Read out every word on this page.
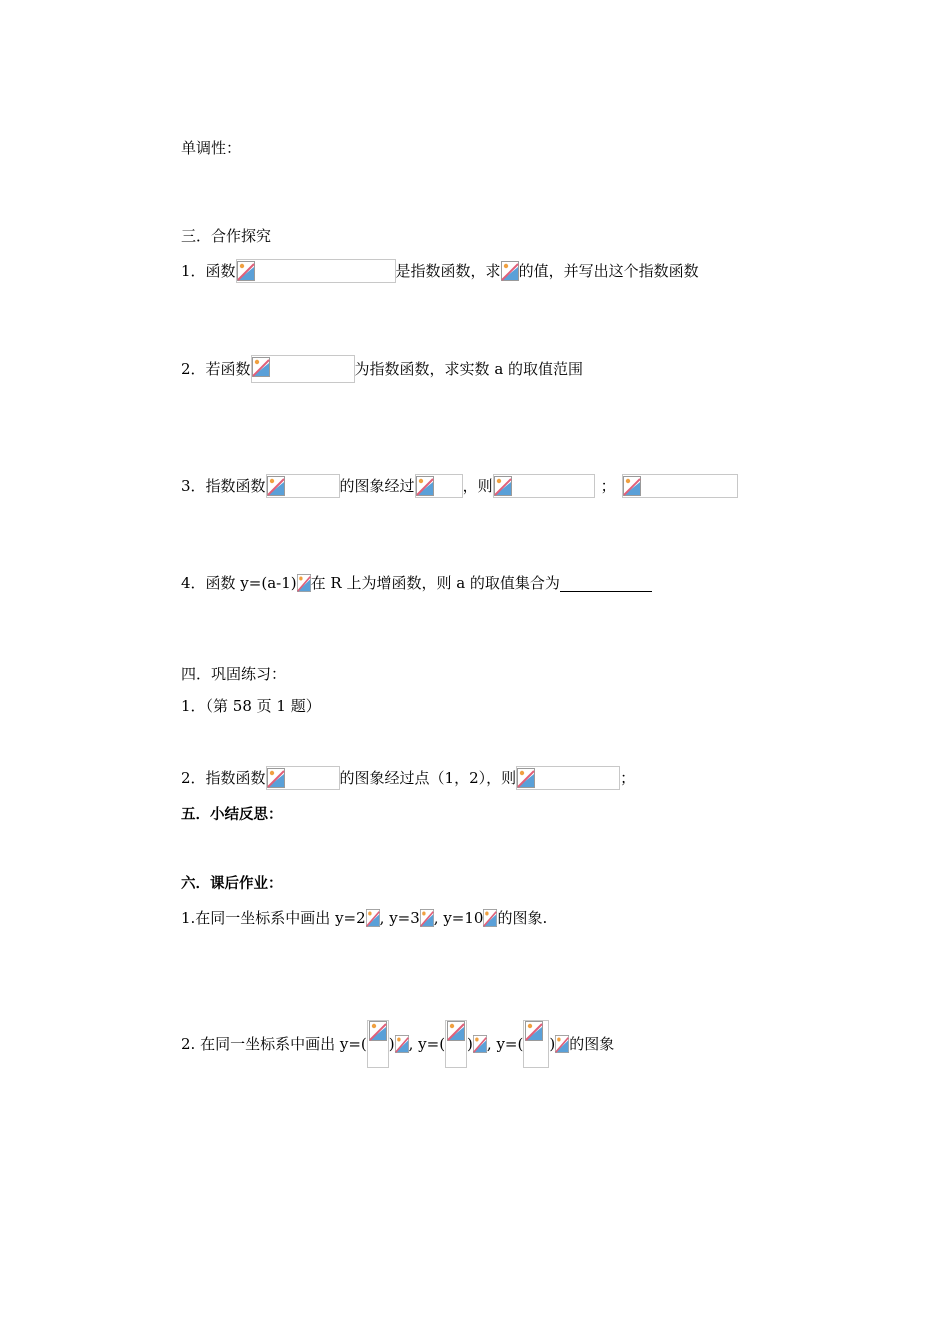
单调性：
三．合作探究
1．函数	是指数函数，求 的值，并写出这个指数函数
2．若函数	为指数函数，求实数 a 的取值范围
3．指数函数	的图象经过	，则	；
4．函数 y=(a-1) 在 R 上为增函数，则 a 的取值集合为
四．巩固练习：
1．（第 58 页 1 题）
2．指数函数	的图象经过点（1，2），则	；
五．小结反思：
六．课后作业：
1.在同一坐标系中画出 y=2 , y=3 , y=10 的图象.
2. 在同一坐标系中画出 y=( ) , y=( ) , y=( ) 的图象
